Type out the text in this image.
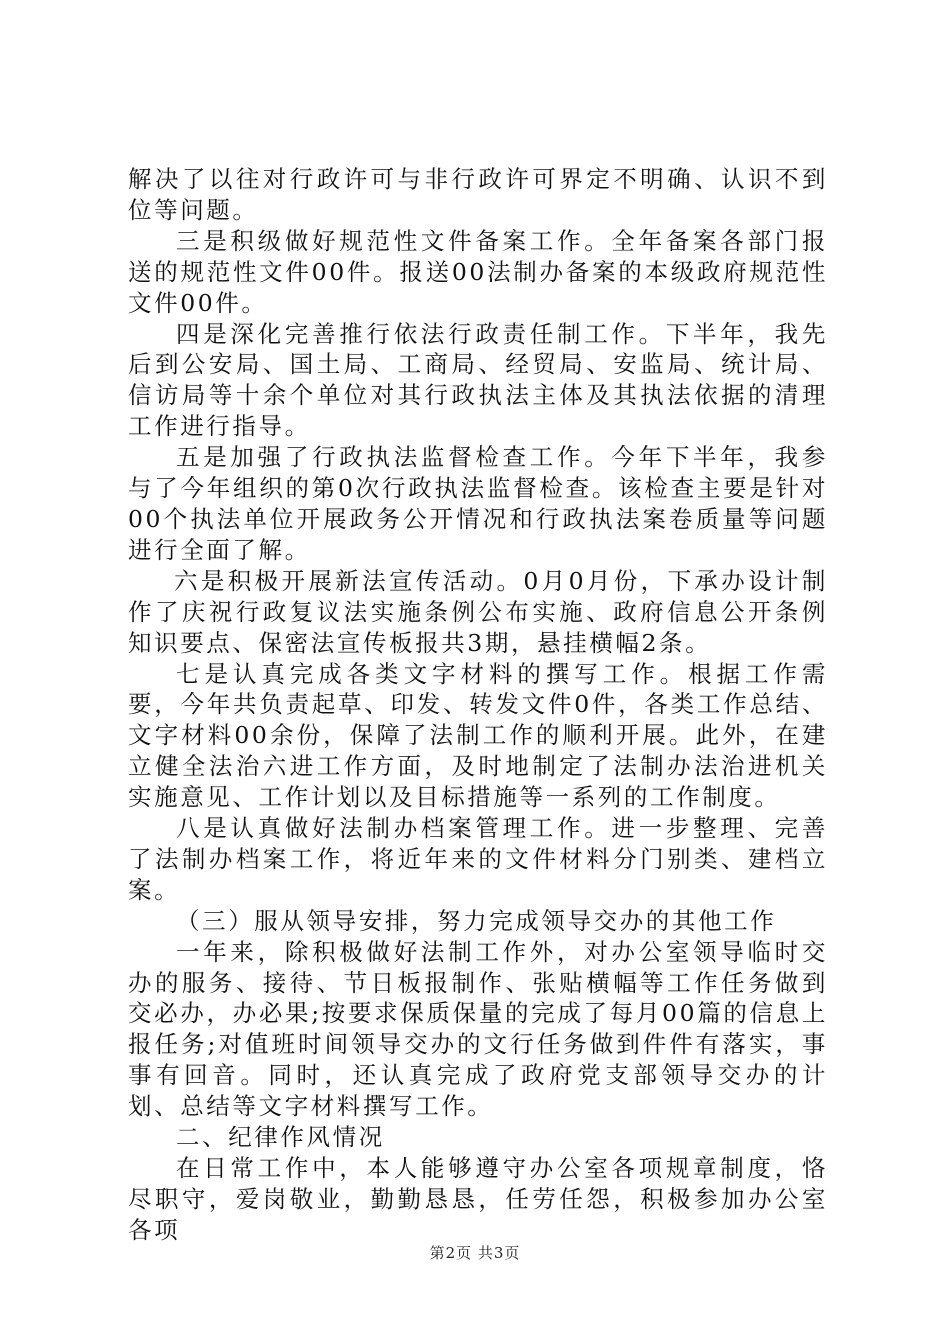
解决了以往对行政许可与非行政许可界定不明确、认识不到位等问题。

三是积级做好规范性文件备案工作。全年备案各部门报送的规范性文件00件。报送00法制办备案的本级政府规范性文件00件。

四是深化完善推行依法行政责任制工作。下半年，我先后到公安局、国土局、工商局、经贸局、安监局、统计局、信访局等十余个单位对其行政执法主体及其执法依据的清理工作进行指导。

五是加强了行政执法监督检查工作。今年下半年，我参与了今年组织的第0次行政执法监督检查。该检查主要是针对00个执法单位开展政务公开情况和行政执法案卷质量等问题进行全面了解。

六是积极开展新法宣传活动。0月0月份，下承办设计制作了庆祝行政复议法实施条例公布实施、政府信息公开条例知识要点、保密法宣传板报共3期，悬挂横幅2条。

七是认真完成各类文字材料的撰写工作。根据工作需要，今年共负责起草、印发、转发文件0件，各类工作总结、文字材料00余份，保障了法制工作的顺利开展。此外，在建立健全法治六进工作方面，及时地制定了法制办法治进机关实施意见、工作计划以及目标措施等一系列的工作制度。

八是认真做好法制办档案管理工作。进一步整理、完善了法制办档案工作，将近年来的文件材料分门别类、建档立案。

（三）服从领导安排，努力完成领导交办的其他工作

一年来，除积极做好法制工作外，对办公室领导临时交办的服务、接待、节日板报制作、张贴横幅等工作任务做到交必办，办必果;按要求保质保量的完成了每月00篇的信息上报任务;对值班时间领导交办的文行任务做到件件有落实，事事有回音。同时，还认真完成了政府党支部领导交办的计划、总结等文字材料撰写工作。

二、纪律作风情况

在日常工作中，本人能够遵守办公室各项规章制度，恪尽职守，爱岗敬业，勤勤恳恳，任劳任怨，积极参加办公室各项

第2页 共3页
